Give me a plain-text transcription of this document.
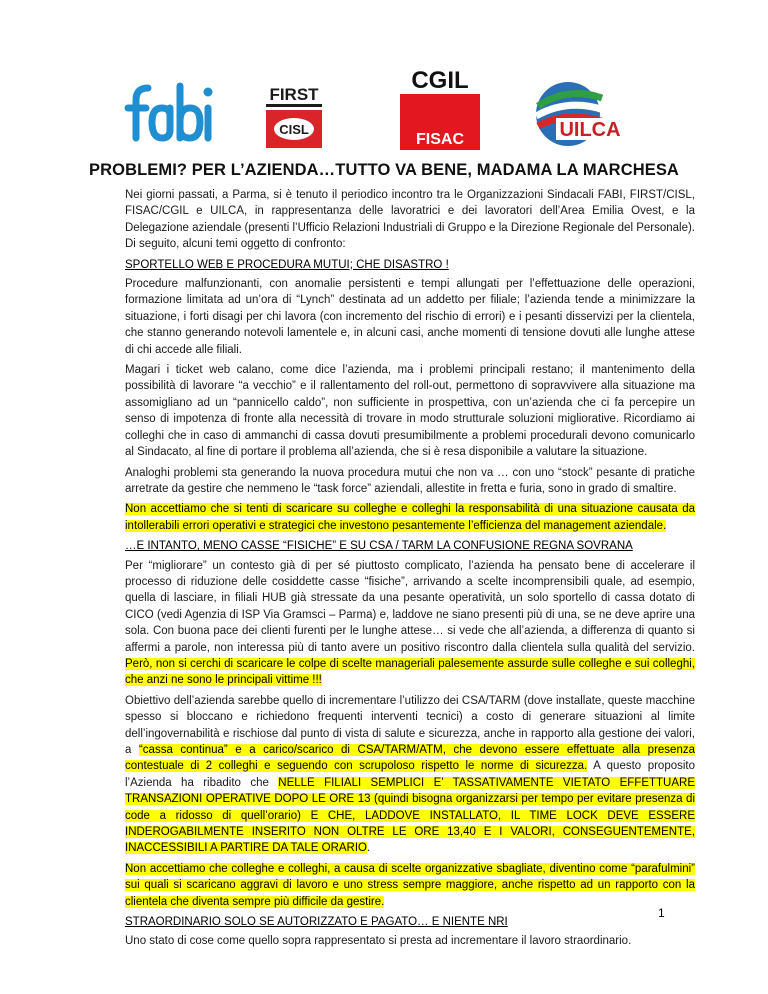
fabi
FIRST
CISL
CGIL
FISAC	UILCA
PROBLEMI? PER L’AZIENDA…TUTTO VA BENE, MADAMA LA MARCHESA

Nei giorni passati, a Parma, si è tenuto il periodico incontro tra le Organizzazioni Sindacali FABI, FIRST/CISL, FISAC/CGIL e UILCA, in rappresentanza delle lavoratrici e dei lavoratori dell’Area Emilia Ovest, e la Delegazione aziendale (presenti l’Ufficio Relazioni Industriali di Gruppo e la Direzione Regionale del Personale). Di seguito, alcuni temi oggetto di confronto:

SPORTELLO WEB E PROCEDURA MUTUI; CHE DISASTRO !

Procedure malfunzionanti, con anomalie persistenti e tempi allungati per l’effettuazione delle operazioni, formazione limitata ad un’ora di “Lynch” destinata ad un addetto per filiale; l’azienda tende a minimizzare la situazione, i forti disagi per chi lavora (con incremento del rischio di errori) e i pesanti disservizi per la clientela, che stanno generando notevoli lamentele e, in alcuni casi, anche momenti di tensione dovuti alle lunghe attese di chi accede alle filiali.

Magari i ticket web calano, come dice l’azienda, ma i problemi principali restano; il mantenimento della possibilità di lavorare “a vecchio” e il rallentamento del roll-out, permettono di sopravvivere alla situazione ma assomigliano ad un “pannicello caldo”, non sufficiente in prospettiva, con un’azienda che ci fa percepire un senso di impotenza di fronte alla necessità di trovare in modo strutturale soluzioni migliorative. Ricordiamo ai colleghi che in caso di ammanchi di cassa dovuti presumibilmente a problemi procedurali devono comunicarlo al Sindacato, al fine di portare il problema all’azienda, che si è resa disponibile a valutare la situazione.

Analoghi problemi sta generando la nuova procedura mutui che non va … con uno “stock” pesante di pratiche arretrate da gestire che nemmeno le “task force” aziendali, allestite in fretta e furia, sono in grado di smaltire.

Non accettiamo che si tenti di scaricare su colleghe e colleghi la responsabilità di una situazione causata da intollerabili errori operativi e strategici che investono pesantemente l’efficienza del management aziendale.

…E INTANTO, MENO CASSE “FISICHE” E SU CSA / TARM LA CONFUSIONE REGNA SOVRANA

Per “migliorare” un contesto già di per sé piuttosto complicato, l’azienda ha pensato bene di accelerare il processo di riduzione delle cosiddette casse “fisiche”, arrivando a scelte incomprensibili quale, ad esempio, quella di lasciare, in filiali HUB già stressate da una pesante operatività, un solo sportello di cassa dotato di CICO (vedi Agenzia di ISP Via Gramsci – Parma) e, laddove ne siano presenti più di una, se ne deve aprire una sola. Con buona pace dei clienti furenti per le lunghe attese… si vede che all’azienda, a differenza di quanto si affermi a parole, non interessa più di tanto avere un positivo riscontro dalla clientela sulla qualità del servizio. Però, non si cerchi di scaricare le colpe di scelte manageriali palesemente assurde sulle colleghe e sui colleghi, che anzi ne sono le principali vittime !!!

Obiettivo dell’azienda sarebbe quello di incrementare l’utilizzo dei CSA/TARM (dove installate, queste macchine spesso si bloccano e richiedono frequenti interventi tecnici) a costo di generare situazioni al limite dell’ingovernabilità e rischiose dal punto di vista di salute e sicurezza, anche in rapporto alla gestione dei valori, a “cassa continua” e a carico/scarico di CSA/TARM/ATM, che devono essere effettuate alla presenza contestuale di 2 colleghi e seguendo con scrupoloso rispetto le norme di sicurezza. A questo proposito l’Azienda ha ribadito che NELLE FILIALI SEMPLICI E’ TASSATIVAMENTE VIETATO EFFETTUARE TRANSAZIONI OPERATIVE DOPO LE ORE 13 (quindi bisogna organizzarsi per tempo per evitare presenza di code a ridosso di quell’orario) E CHE, LADDOVE INSTALLATO, IL TIME LOCK DEVE ESSERE INDEROGABILMENTE INSERITO NON OLTRE LE ORE 13,40 E I VALORI, CONSEGUENTEMENTE, INACCESSIBILI A PARTIRE DA TALE ORARIO.

Non accettiamo che colleghe e colleghi, a causa di scelte organizzative sbagliate, diventino come “parafulmini” sui quali si scaricano aggravi di lavoro e uno stress sempre maggiore, anche rispetto ad un rapporto con la clientela che diventa sempre più difficile da gestire.

STRAORDINARIO SOLO SE AUTORIZZATO E PAGATO… E NIENTE NRI

Uno stato di cose come quello sopra rappresentato si presta ad incrementare il lavoro straordinario.

1
